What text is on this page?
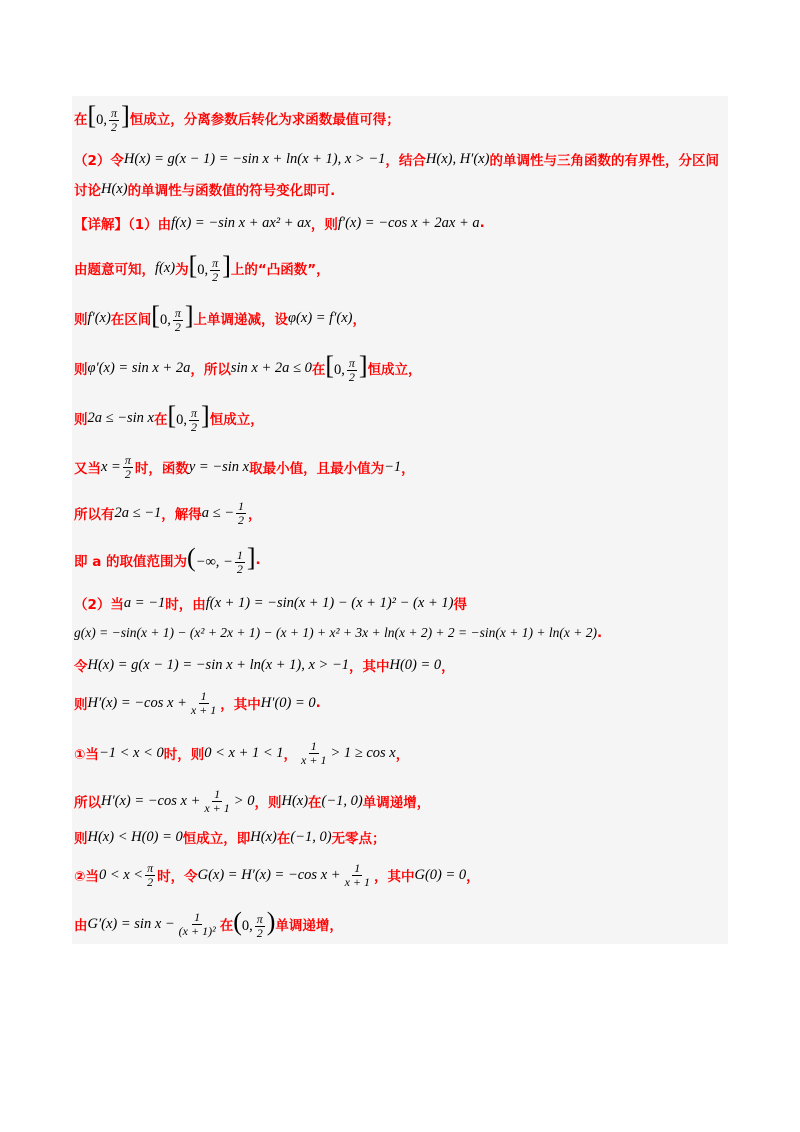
在 [0, $\frac{\pi}{2}$ ] 恒成立，分离参数后转化为求函数最值可得；
（2）令 H(x) = g(x − 1) = −sin x + ln(x + 1), x > −1 ，结合 H(x), H′(x) 的单调性与三角函数的有界性，分区间
讨论 H(x) 的单调性与函数值的符号变化即可.
【详解】（1）由 f(x) = −sin x + ax² + ax ，则 f′(x) = −cos x + 2ax + a .
由题意可知， f(x) 为 [0, $\frac{\pi}{2}$ ] 上的“凸函数”，
则 f′(x) 在区间 [0, $\frac{\pi}{2}$ ] 上单调递减，设 φ(x) = f′(x) ，
则 φ′(x) = sin x + 2a ，所以 sin x + 2a ≤ 0 在 [0, $\frac{\pi}{2}$ ] 恒成立，
则 2a ≤ −sin x 在 [0, $\frac{\pi}{2}$ ] 恒成立，
又当 $x = \frac{\pi}{2}$ 时，函数 y = −sin x 取最小值，且最小值为 −1 ，
所以有 2a ≤ −1 ，解得 a ≤ − $\frac{1}{2}$ ，
即 a 的取值范围为 (−∞, − $\frac{1}{2}$ ] .
（2）当 a = −1 时，由 f(x + 1) = −sin(x + 1) − (x + 1)² − (x + 1) 得
g(x) = −sin(x + 1) − (x² + 2x + 1) − (x + 1) + x² + 3x + ln(x + 2) + 2 = −sin(x + 1) + ln(x + 2) .
令 H(x) = g(x − 1) = −sin x + ln(x + 1), x > −1 ，其中 H(0) = 0 ，
则 H′(x) = −cos $x + \frac{1}{x + 1}$ ，其中 H′(0) = 0 .
①当 −1 < x < 0 时，则 0 < x + 1 < 1 ， $\frac{1}{x + 1} > 1 \ge \cos x$ ，
所以 H′(x) = −cos $x + \frac{1}{x + 1} > 0$ ，则 H(x) 在 (−1, 0) 单调递增，
则 H(x) < H(0) = 0 恒成立，即 H(x) 在 (−1, 0) 无零点；
②当 $0 < x < \frac{\pi}{2}$ 时，令 G(x) = H′(x) = −cos $x + \frac{1}{x + 1}$ ，其中 G(0) = 0 ，
由 $G'(x) = \sin x - \frac{1}{\text{(x + 1)²}}$ 在 (0, $\frac{\pi}{2}$ ) 单调递增，
